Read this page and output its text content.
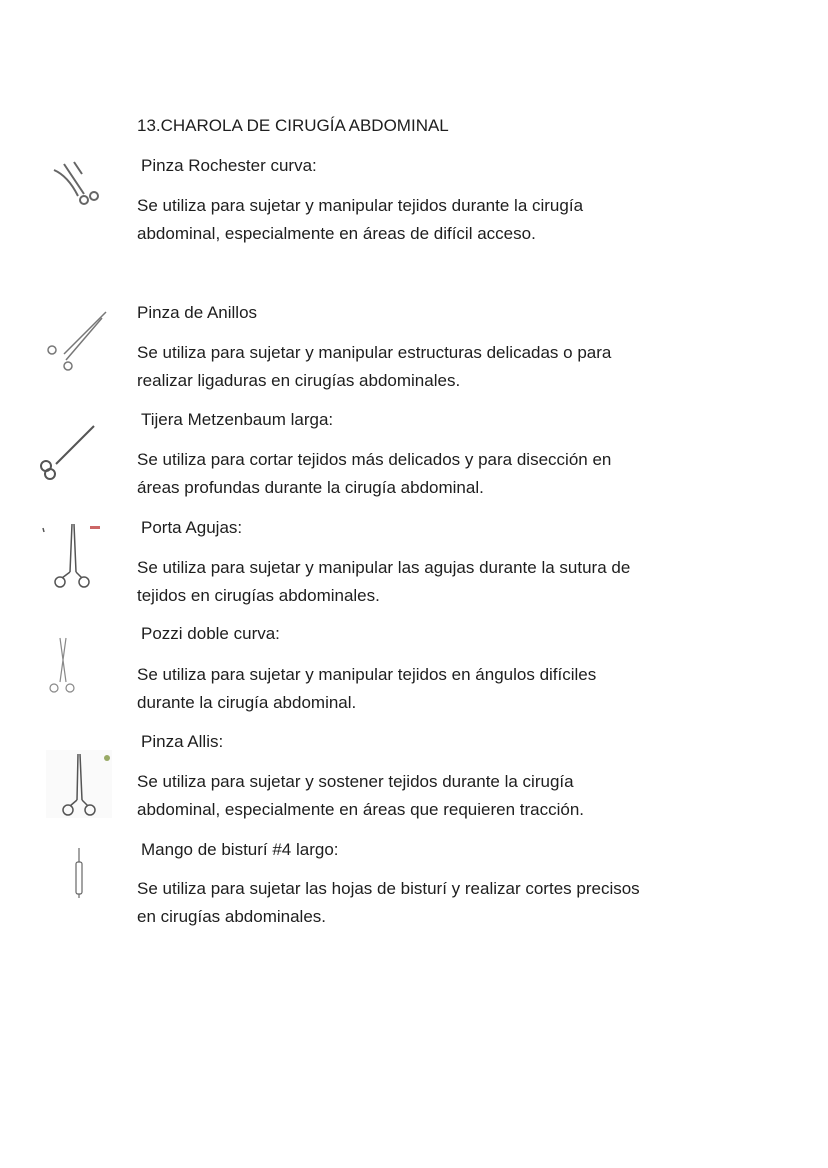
13.CHAROLA DE CIRUGÍA ABDOMINAL
Pinza Rochester curva:
Se utiliza para sujetar y manipular tejidos durante la cirugía
abdominal, especialmente en áreas de difícil acceso.
Pinza de Anillos
Se utiliza para sujetar y manipular estructuras delicadas o para
realizar ligaduras en cirugías abdominales.
Tijera Metzenbaum larga:
Se utiliza para cortar tejidos más delicados y para disección en
áreas profundas durante la cirugía abdominal.
Porta Agujas:
Se utiliza para sujetar y manipular las agujas durante la sutura de
tejidos en cirugías abdominales.
Pozzi doble curva:
Se utiliza para sujetar y manipular tejidos en ángulos difíciles
durante la cirugía abdominal.
Pinza Allis:
Se utiliza para sujetar y sostener tejidos durante la cirugía
abdominal, especialmente en áreas que requieren tracción.
Mango de bisturí #4 largo:
Se utiliza para sujetar las hojas de bisturí y realizar cortes precisos
en cirugías abdominales.
